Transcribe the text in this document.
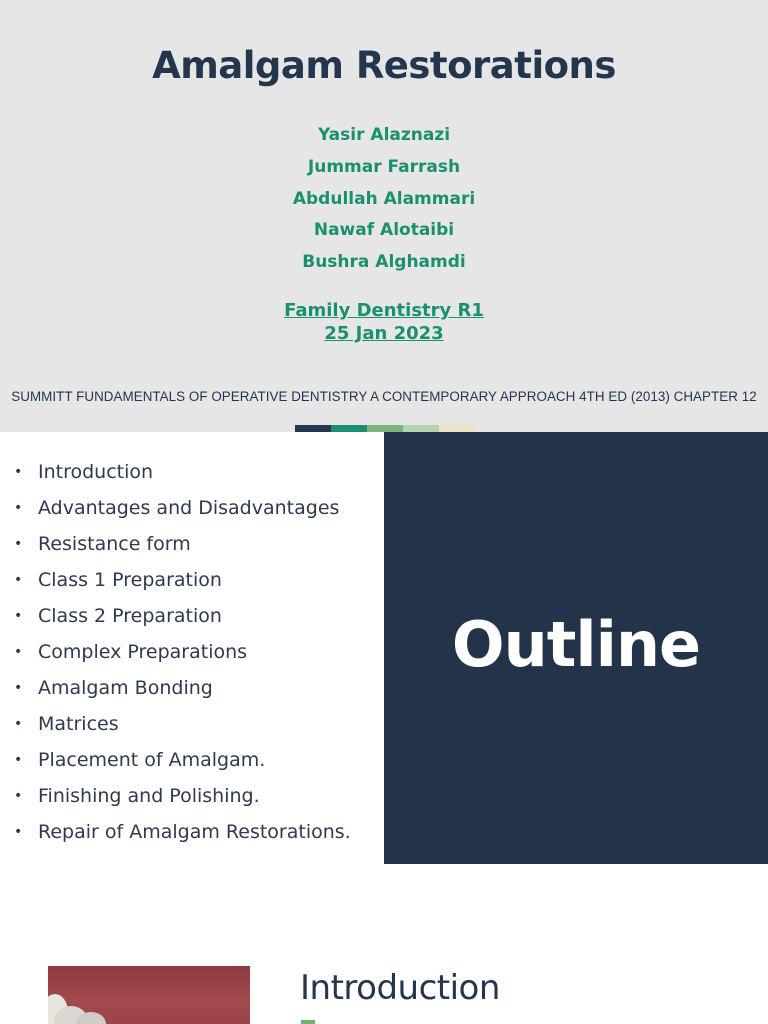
Amalgam Restorations
Yasir Alaznazi
Jummar Farrash
Abdullah Alammari
Nawaf Alotaibi
Bushra Alghamdi
Family Dentistry R1
25 Jan 2023
SUMMITT FUNDAMENTALS OF OPERATIVE DENTISTRY A CONTEMPORARY APPROACH 4TH ED (2013) CHAPTER 12
• Introduction
• Advantages and Disadvantages
• Resistance form
• Class 1 Preparation
• Class 2 Preparation
• Complex Preparations
• Amalgam Bonding
• Matrices
• Placement of Amalgam.
• Finishing and Polishing.
• Repair of Amalgam Restorations.
Outline
Introduction
